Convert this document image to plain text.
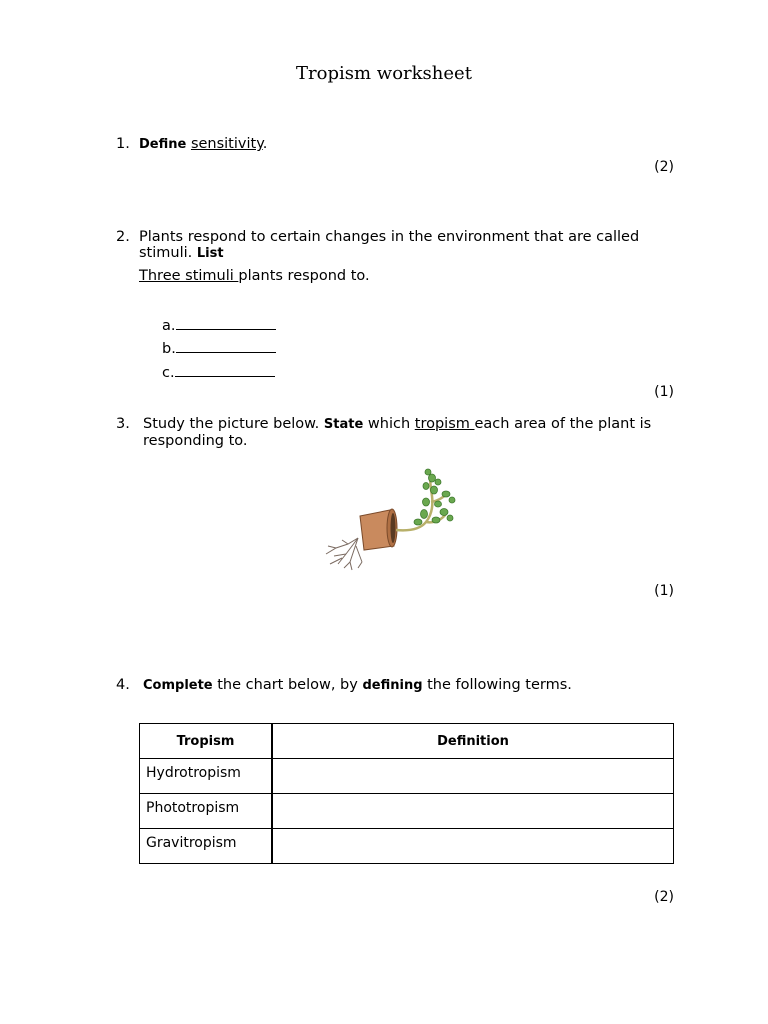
Tropism worksheet
1. Define sensitivity.
(2)
2. Plants respond to certain changes in the environment that are called
stimuli. List
Three stimuli plants respond to.
a.
b.
c.
(1)
3. Study the picture below. State which tropism each area of the plant is
responding to.
(1)
4.	Complete the chart below, by defining the following terms.
Tropism	Definition
Hydrotropism	
Phototropism	
Gravitropism	
(2)
